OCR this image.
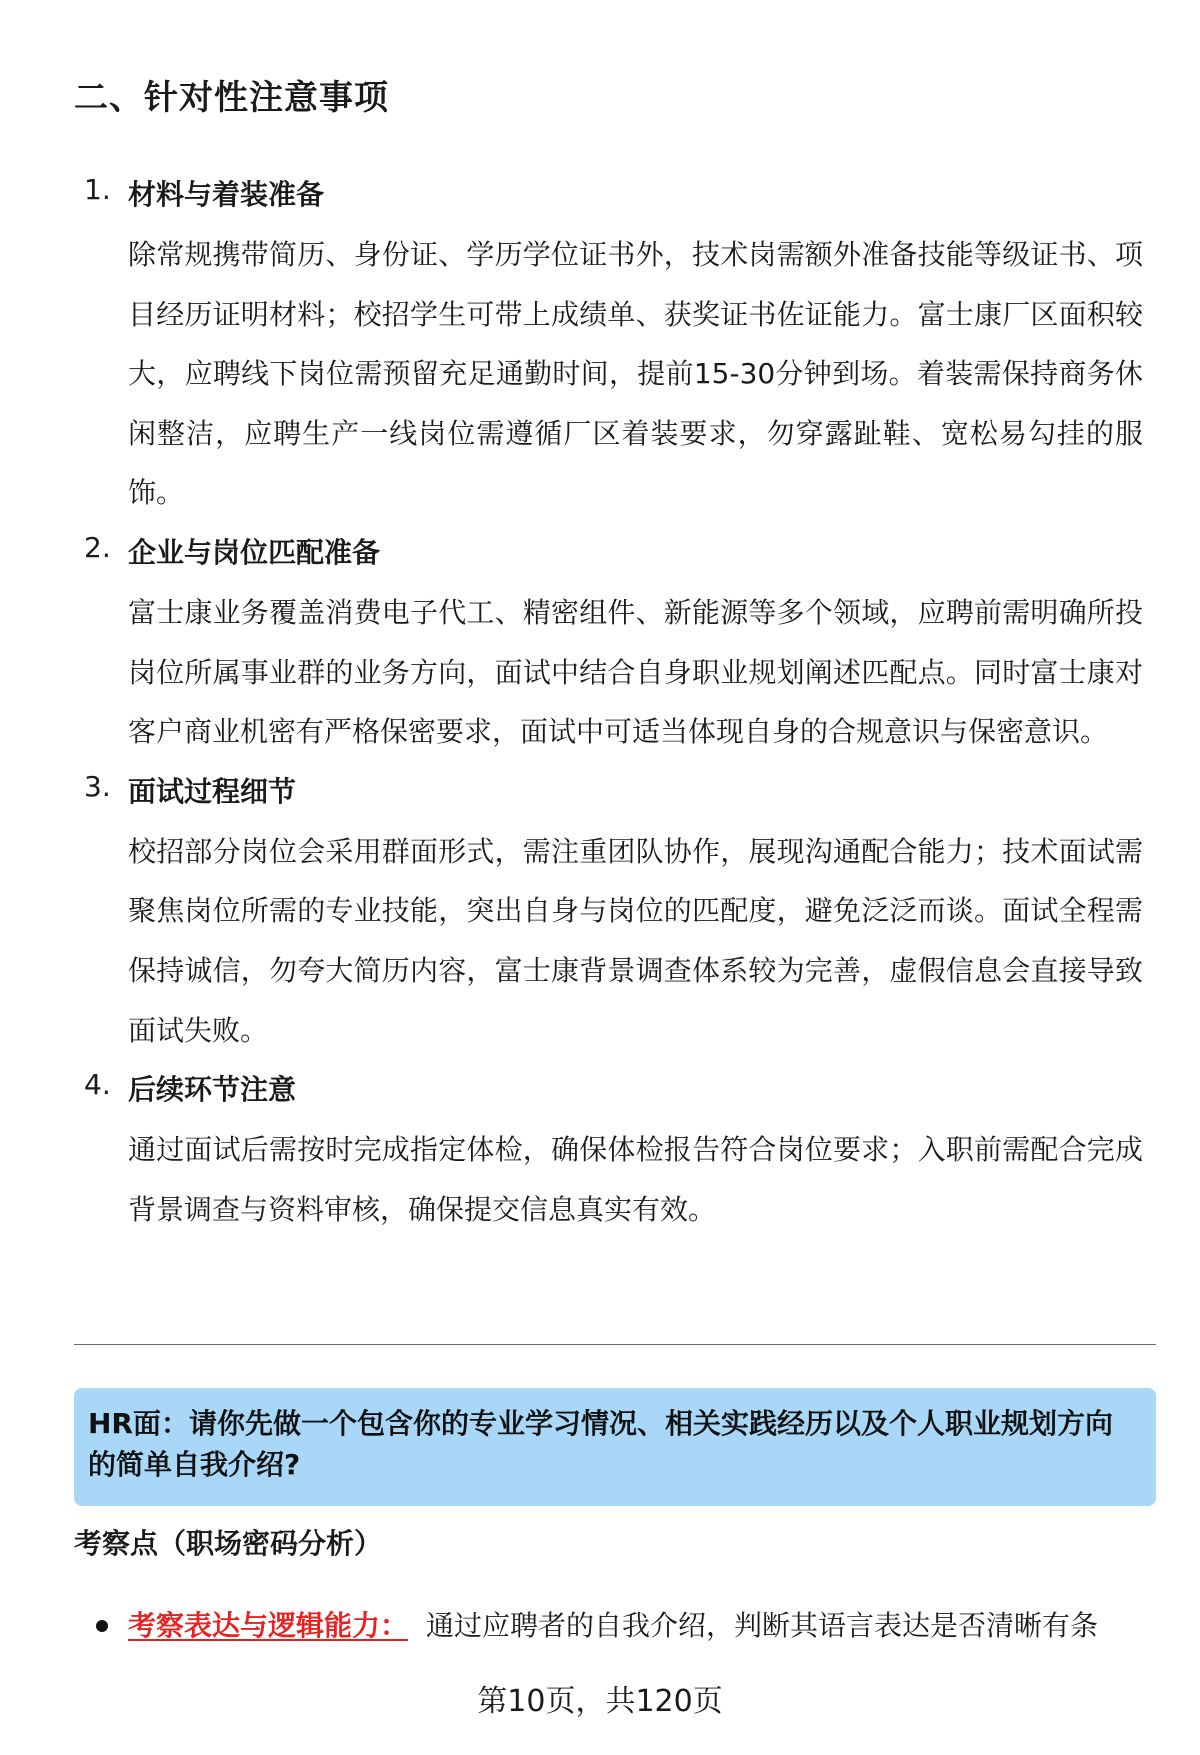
二、针对性注意事项
1. 材料与着装准备

除常规携带简历、身份证、学历学位证书外，技术岗需额外准备技能等级证书、项目经历证明材料；校招学生可带上成绩单、获奖证书佐证能力。富士康厂区面积较大，应聘线下岗位需预留充足通勤时间，提前15-30分钟到场。着装需保持商务休闲整洁，应聘生产一线岗位需遵循厂区着装要求，勿穿露趾鞋、宽松易勾挂的服饰。

2. 企业与岗位匹配准备

富士康业务覆盖消费电子代工、精密组件、新能源等多个领域，应聘前需明确所投岗位所属事业群的业务方向，面试中结合自身职业规划阐述匹配点。同时富士康对客户商业机密有严格保密要求，面试中可适当体现自身的合规意识与保密意识。

3. 面试过程细节

校招部分岗位会采用群面形式，需注重团队协作，展现沟通配合能力；技术面试需聚焦岗位所需的专业技能，突出自身与岗位的匹配度，避免泛泛而谈。面试全程需保持诚信，勿夸大简历内容，富士康背景调查体系较为完善，虚假信息会直接导致面试失败。

4. 后续环节注意

通过面试后需按时完成指定体检，确保体检报告符合岗位要求；入职前需配合完成背景调查与资料审核，确保提交信息真实有效。

HR面：请你先做一个包含你的专业学习情况、相关实践经历以及个人职业规划方向的简单自我介绍?
考察点（职场密码分析）
考察表达与逻辑能力： 通过应聘者的自我介绍，判断其语言表达是否清晰有条
第10页，共120页
